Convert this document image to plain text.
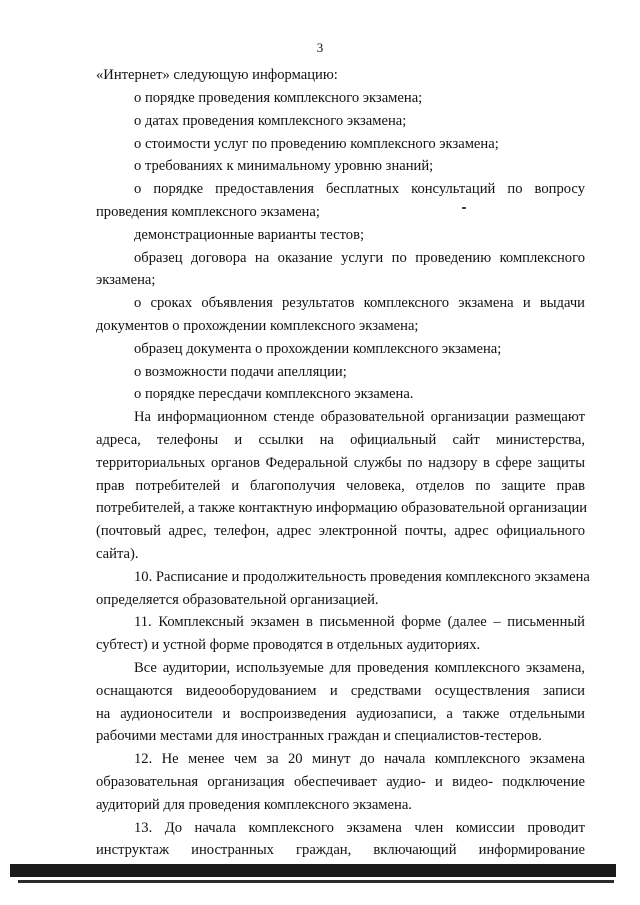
3
«Интернет» следующую информацию:
о порядке проведения комплексного экзамена;
о датах проведения комплексного экзамена;
о стоимости услуг по проведению комплексного экзамена;
о требованиях к минимальному уровню знаний;
о порядке предоставления бесплатных консультаций по вопросу
проведения комплексного экзамена;
демонстрационные варианты тестов;
образец договора на оказание услуги по проведению комплексного
экзамена;
о сроках объявления результатов комплексного экзамена и выдачи
документов о прохождении комплексного экзамена;
образец документа о прохождении комплексного экзамена;
о возможности подачи апелляции;
о порядке пересдачи комплексного экзамена.
На информационном стенде образовательной организации размещают
адреса, телефоны и ссылки на официальный сайт министерства,
территориальных органов Федеральной службы по надзору в сфере защиты
прав потребителей и благополучия человека, отделов по защите прав
потребителей, а также контактную информацию образовательной организации
(почтовый адрес, телефон, адрес электронной почты, адрес официального
сайта).
10. Расписание и продолжительность проведения комплексного экзамена
определяется образовательной организацией.
11. Комплексный экзамен в письменной форме (далее – письменный
субтест) и устной форме проводятся в отдельных аудиториях.
Все аудитории, используемые для проведения комплексного экзамена,
оснащаются видеооборудованием и средствами осуществления записи
на аудионосители и воспроизведения аудиозаписи, а также отдельными
рабочими местами для иностранных граждан и специалистов-тестеров.
12. Не менее чем за 20 минут до начала комплексного экзамена
образовательная организация обеспечивает аудио- и видео- подключение
аудиторий для проведения комплексного экзамена.
13. До начала комплексного экзамена член комиссии проводит
инструктаж иностранных граждан, включающий информирование
